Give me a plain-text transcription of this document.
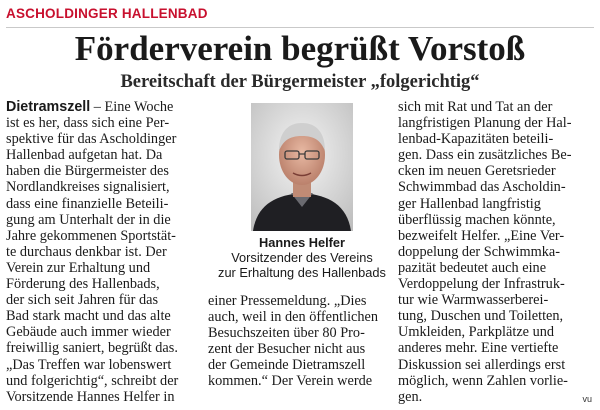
ASCHOLDINGER HALLENBAD
Förderverein begrüßt Vorstoß
Bereitschaft der Bürgermeister „folgerichtig“
Dietramszell – Eine Woche
ist es her, dass sich eine Per-
spektive für das Ascholdinger
Hallenbad aufgetan hat. Da
haben die Bürgermeister des
Nordlandkreises signalisiert,
dass eine finanzielle Beteili-
gung am Unterhalt der in die
Jahre gekommenen Sportstät-
te durchaus denkbar ist. Der
Verein zur Erhaltung und
Förderung des Hallenbads,
der sich seit Jahren für das
Bad stark macht und das alte
Gebäude auch immer wieder
freiwillig saniert, begrüßt das.
„Das Treffen war lobenswert
und folgerichtig“, schreibt der
Vorsitzende Hannes Helfer in
Hannes Helfer
Vorsitzender des Vereins
zur Erhaltung des Hallenbads
einer Pressemeldung. „Dies
auch, weil in den öffentlichen
Besuchszeiten über 80 Pro-
zent der Besucher nicht aus
der Gemeinde Dietramszell
kommen.“ Der Verein werde
sich mit Rat und Tat an der
langfristigen Planung der Hal-
lenbad-Kapazitäten beteili-
gen. Dass ein zusätzliches Be-
cken im neuen Geretsrieder
Schwimmbad das Ascholdin-
ger Hallenbad langfristig
überflüssig machen könnte,
bezweifelt Helfer. „Eine Ver-
doppelung der Schwimmka-
pazität bedeutet auch eine
Verdoppelung der Infrastruk-
tur wie Warmwasserberei-
tung, Duschen und Toiletten,
Umkleiden, Parkplätze und
anderes mehr. Eine vertiefte
Diskussion sei allerdings erst
möglich, wenn Zahlen vorlie-
gen.	vu
